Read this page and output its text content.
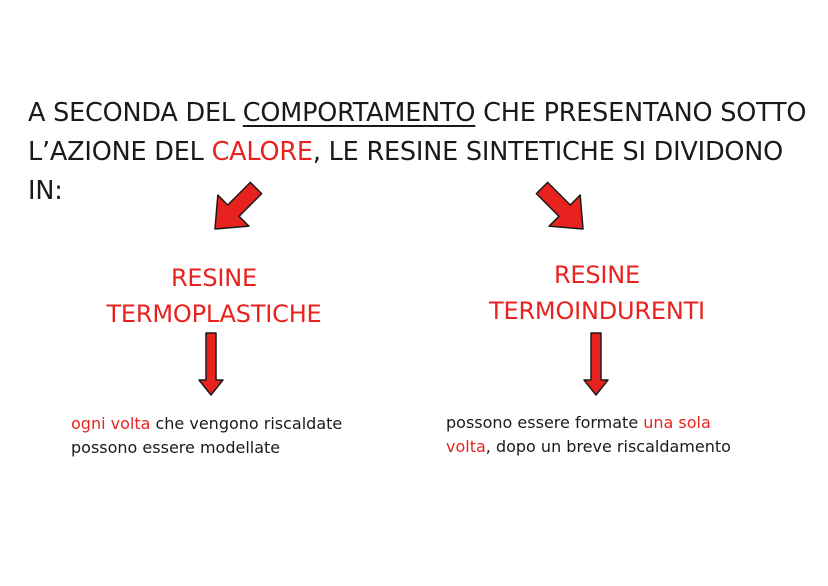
A SECONDA DEL COMPORTAMENTO CHE PRESENTANO SOTTO
L’AZIONE DEL CALORE, LE RESINE SINTETICHE SI DIVIDONO IN:
RESINE
TERMOPLASTICHE
RESINE
TERMOINDURENTI
ogni volta che vengono riscaldate
possono essere modellate
possono essere formate una sola
volta, dopo un breve riscaldamento
